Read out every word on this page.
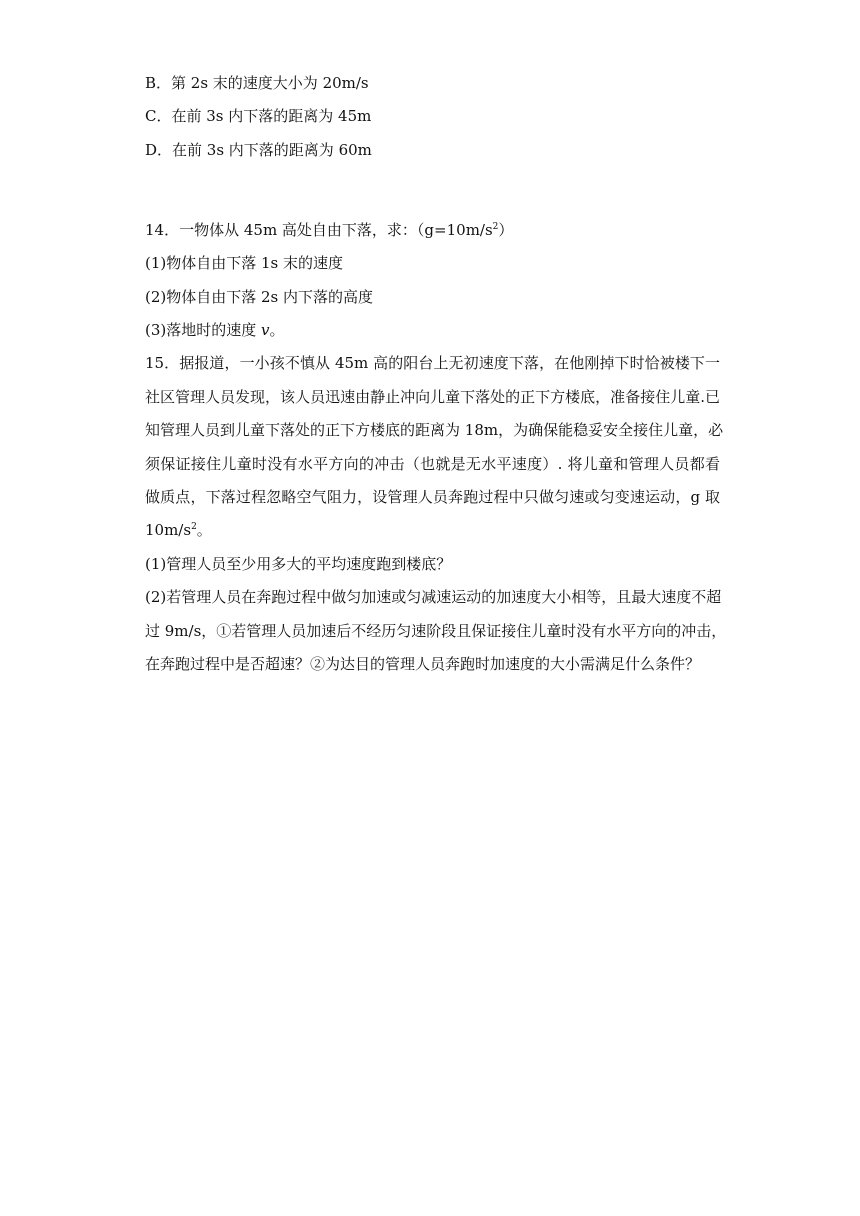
B．第 2s 末的速度大小为 20m/s
C．在前 3s 内下落的距离为 45m
D．在前 3s 内下落的距离为 60m
14．一物体从 45m 高处自由下落，求：$(g=10m/s^2)$
(1)物体自由下落 1s 末的速度
(2)物体自由下落 2s 内下落的高度
(3)落地时的速度 v。
15．据报道，一小孩不慎从 45m 高的阳台上无初速度下落，在他刚掉下时恰被楼下一
社区管理人员发现，该人员迅速由静止冲向儿童下落处的正下方楼底，准备接住儿童.已
知管理人员到儿童下落处的正下方楼底的距离为 18m，为确保能稳妥安全接住儿童，必
须保证接住儿童时没有水平方向的冲击（也就是无水平速度）. 将儿童和管理人员都看
做质点，下落过程忽略空气阻力，设管理人员奔跑过程中只做匀速或匀变速运动，g 取
$10m/s^2$。
(1)管理人员至少用多大的平均速度跑到楼底？
(2)若管理人员在奔跑过程中做匀加速或匀减速运动的加速度大小相等，且最大速度不超
过 9m/s，①若管理人员加速后不经历匀速阶段且保证接住儿童时没有水平方向的冲击，
在奔跑过程中是否超速？②为达目的管理人员奔跑时加速度的大小需满足什么条件？
